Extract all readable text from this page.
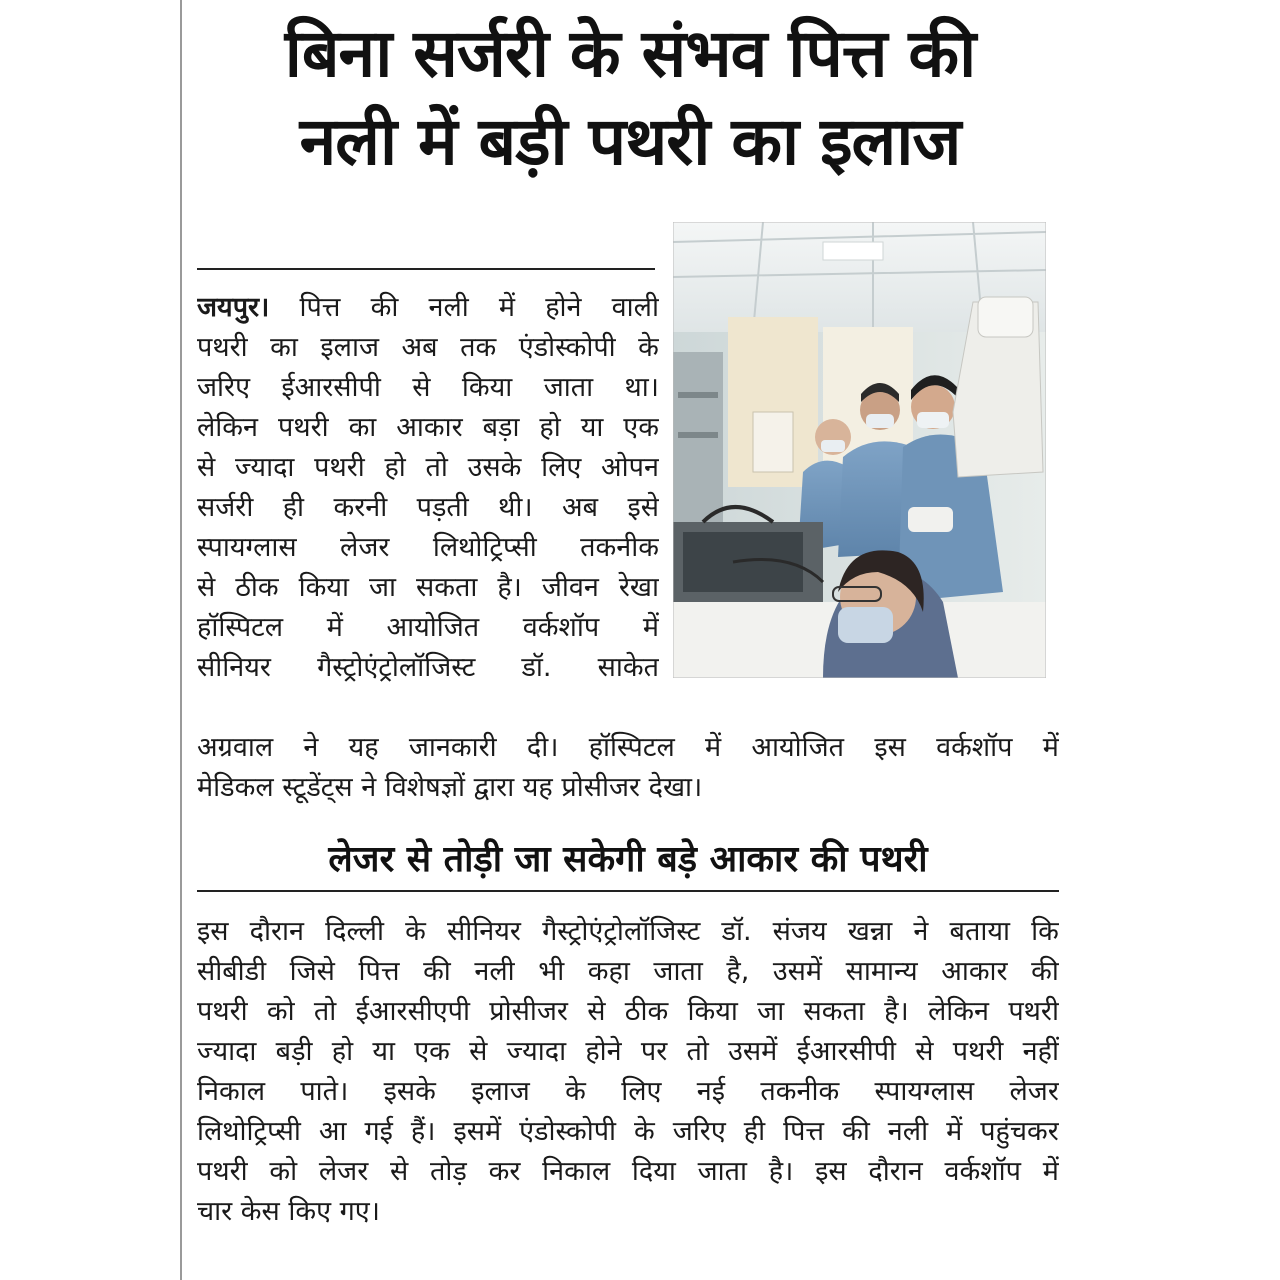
बिना सर्जरी के संभव पित्त की
नली में बड़ी पथरी का इलाज
जयपुर। पित्त की नली में होने वाली
पथरी का इलाज अब तक एंडोस्कोपी के
जरिए ईआरसीपी से किया जाता था।
लेकिन पथरी का आकार बड़ा हो या एक
से ज्यादा पथरी हो तो उसके लिए ओपन
सर्जरी ही करनी पड़ती थी। अब इसे
स्पायग्लास लेजर लिथोट्रिप्सी तकनीक
से ठीक किया जा सकता है। जीवन रेखा
हॉस्पिटल में आयोजित वर्कशॉप में
सीनियर गैस्ट्रोएंट्रोलॉजिस्ट डॉ. साकेत
अग्रवाल ने यह जानकारी दी। हॉस्पिटल में आयोजित इस वर्कशॉप में
मेडिकल स्टूडेंट्स ने विशेषज्ञों द्वारा यह प्रोसीजर देखा।
लेजर से तोड़ी जा सकेगी बड़े आकार की पथरी
इस दौरान दिल्ली के सीनियर गैस्ट्रोएंट्रोलॉजिस्ट डॉ. संजय खन्ना ने बताया कि
सीबीडी जिसे पित्त की नली भी कहा जाता है, उसमें सामान्य आकार की
पथरी को तो ईआरसीएपी प्रोसीजर से ठीक किया जा सकता है। लेकिन पथरी
ज्यादा बड़ी हो या एक से ज्यादा होने पर तो उसमें ईआरसीपी से पथरी नहीं
निकाल पाते। इसके इलाज के लिए नई तकनीक स्पायग्लास लेजर
लिथोट्रिप्सी आ गई हैं। इसमें एंडोस्कोपी के जरिए ही पित्त की नली में पहुंचकर
पथरी को लेजर से तोड़ कर निकाल दिया जाता है। इस दौरान वर्कशॉप में
चार केस किए गए।
